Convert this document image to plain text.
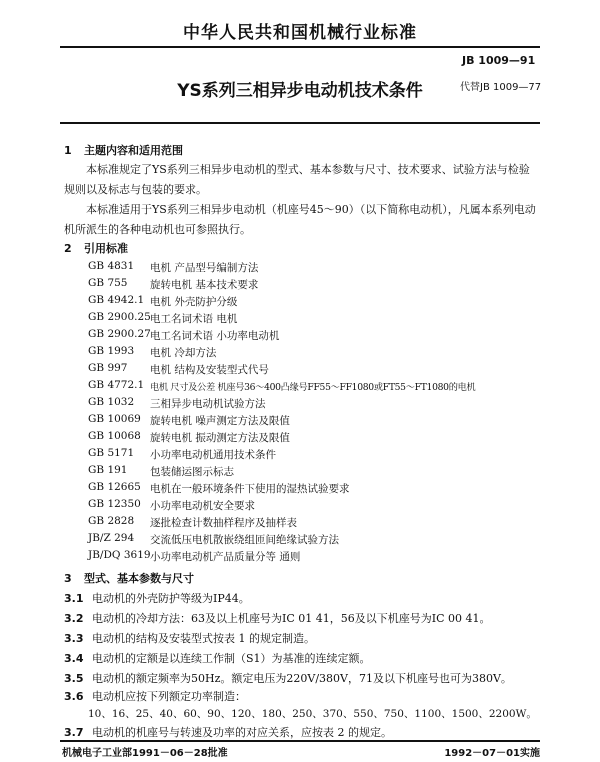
中华人民共和国机械行业标准
JB 1009—91
YS系列三相异步电动机技术条件	代替JB 1009—77
1 主题内容和适用范围
本标准规定了YS系列三相异步电动机的型式、基本参数与尺寸、技术要求、试验方法与检验规则以及标志与包装的要求。
本标准适用于YS系列三相异步电动机（机座号45～90）（以下简称电动机），凡属本系列电动机所派生的各种电动机也可参照执行。
2 引用标准
GB 4831 电机 产品型号编制方法
GB 755 旋转电机 基本技术要求
GB 4942.1 电机 外壳防护分级
GB 2900.25 电工名词术语 电机
GB 2900.27 电工名词术语 小功率电动机
GB 1993 电机 冷却方法
GB 997 电机 结构及安装型式代号
GB 4772.1 电机 尺寸及公差 机座号36～400凸缘号FF55～FF1080或FT55～FT1080的电机
GB 1032 三相异步电动机试验方法
GB 10069 旋转电机 噪声测定方法及限值
GB 10068 旋转电机 振动测定方法及限值
GB 5171 小功率电动机通用技术条件
GB 191 包装储运图示标志
GB 12665 电机在一般环境条件下使用的湿热试验要求
GB 12350 小功率电动机安全要求
GB 2828 逐批检查计数抽样程序及抽样表
JB/Z 294 交流低压电机散嵌绕组匝间绝缘试验方法
JB/DQ 3619 小功率电动机产品质量分等 通则
3 型式、基本参数与尺寸
3.1 电动机的外壳防护等级为IP44。
3.2 电动机的冷却方法：63及以上机座号为IC 01 41，56及以下机座号为IC 00 41。
3.3 电动机的结构及安装型式按表 1 的规定制造。
3.4 电动机的定额是以连续工作制（S1）为基准的连续定额。
3.5 电动机的额定频率为50Hz。额定电压为220V/380V，71及以下机座号也可为380V。
3.6 电动机应按下列额定功率制造：
10、16、25、40、60、90、120、180、250、370、550、750、1100、1500、2200W。
3.7 电动机的机座号与转速及功率的对应关系，应按表 2 的规定。
机械电子工业部1991－06－28批准	1992－07－01实施
